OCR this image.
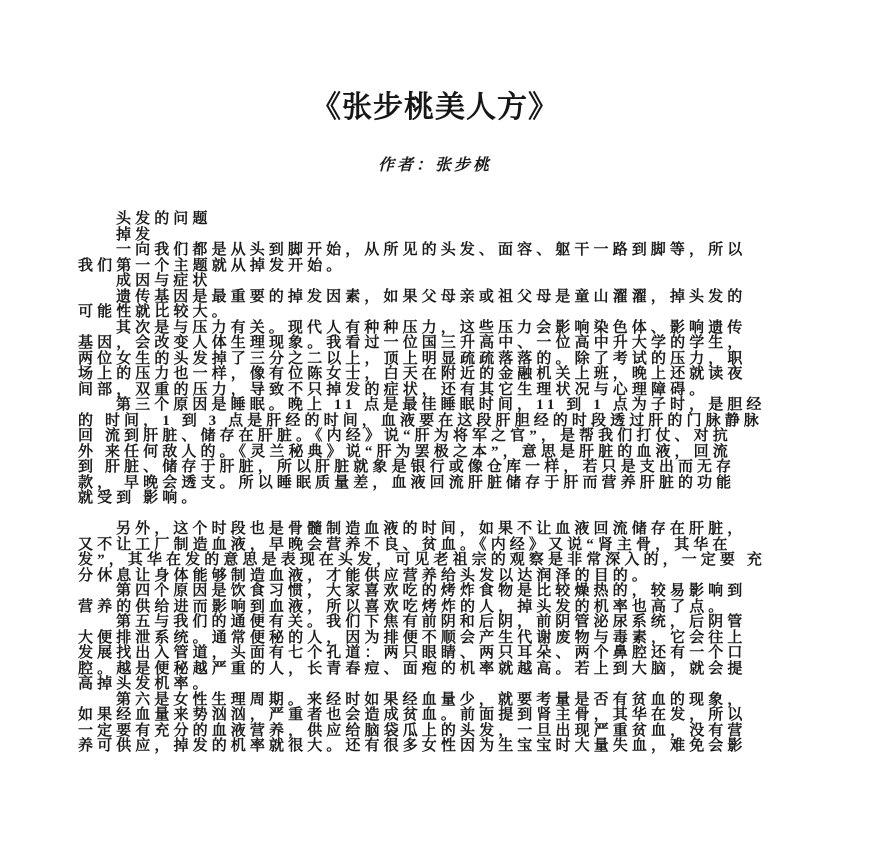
《张步桃美人方》
作者：张步桃
头发的问题
掉发
一向我们都是从头到脚开始，从所见的头发、面容、躯干一路到脚等，所以
我们第一个主题就从掉发开始。
成因与症状
遗传基因是最重要的掉发因素，如果父母亲或祖父母是童山濯濯，掉头发的
可能性就比较大。
其次是与压力有关。现代人有种种压力，这些压力会影响染色体、影响遗传
基因，会改变人体生理现象。我看过一位国三升高中、一位高中升大学的学生，
两位女生的头发掉了三分之二以上，顶上明显疏疏落落的。除了考试的压力，职
场上的压力也一样，像有位陈女士，白天在附近的金融机关上班，晚上还就读夜
间部，双重的压力，导致不只掉发的症状，还有其它生理状况与心理障碍。
第三个原因是睡眠。晚上 11 点是最佳睡眠时间，11 到 1 点为子时，是胆经
的 时间，1 到 3 点是肝经的时间，血液要在这段肝胆经的时段透过肝的门脉静脉
回 流到肝脏、储存在肝脏。《内经》说“肝为将军之官”，是帮我们打仗、对抗
外 来任何敌人的。《灵兰秘典》说“肝为罢极之本”，意思是肝脏的血液，回流
到 肝脏、储存于肝脏，所以肝脏就象是银行或像仓库一样，若只是支出而无存
款， 早晚会透支。所以睡眠质量差，血液回流肝脏储存于肝而营养肝脏的功能
就受到 影响。
另外，这个时段也是骨髓制造血液的时间，如果不让血液回流储存在肝脏，
又不让工厂制造血液，早晚会营养不良、贫血。《内经》又说“肾主骨，其华在
发”，其华在发的意思是表现在头发，可见老祖宗的观察是非常深入的，一定要 充
分休息让身体能够制造血液，才能供应营养给头发以达润泽的目的。
第四个原因是饮食习惯，大家喜欢吃的烤炸食物是比较燥热的，较易影响到
营养的供给进而影响到血液，所以喜欢吃烤炸的人，掉头发的机率也高了点。
第五与我们的通便有关。我们下焦有前阴和后阴，前阴管泌尿系统，后阴管
大便排泄系统。通常便秘的人，因为排便不顺会产生代谢废物与毒素，它会往上
发展找出入管道，头面有七个孔道：两只眼睛、两只耳朵、两个鼻腔还有一个口
腔。越是便秘越严重的人，长青春痘、面疱的机率就越高。若上到大脑，就会提
高掉头发机率。
第六是女性生理周期。来经时如果经血量少，就要考量是否有贫血的现象，
如果经血量来势汹汹，严重者也会造成贫血。前面提到肾主骨，其华在发，所以
一定要有充分的血液营养，供应给脑袋瓜上的头发，一旦出现严重贫血，没有营
养可供应，掉发的机率就很大。还有很多女性因为生宝宝时大量失血，难免会影
